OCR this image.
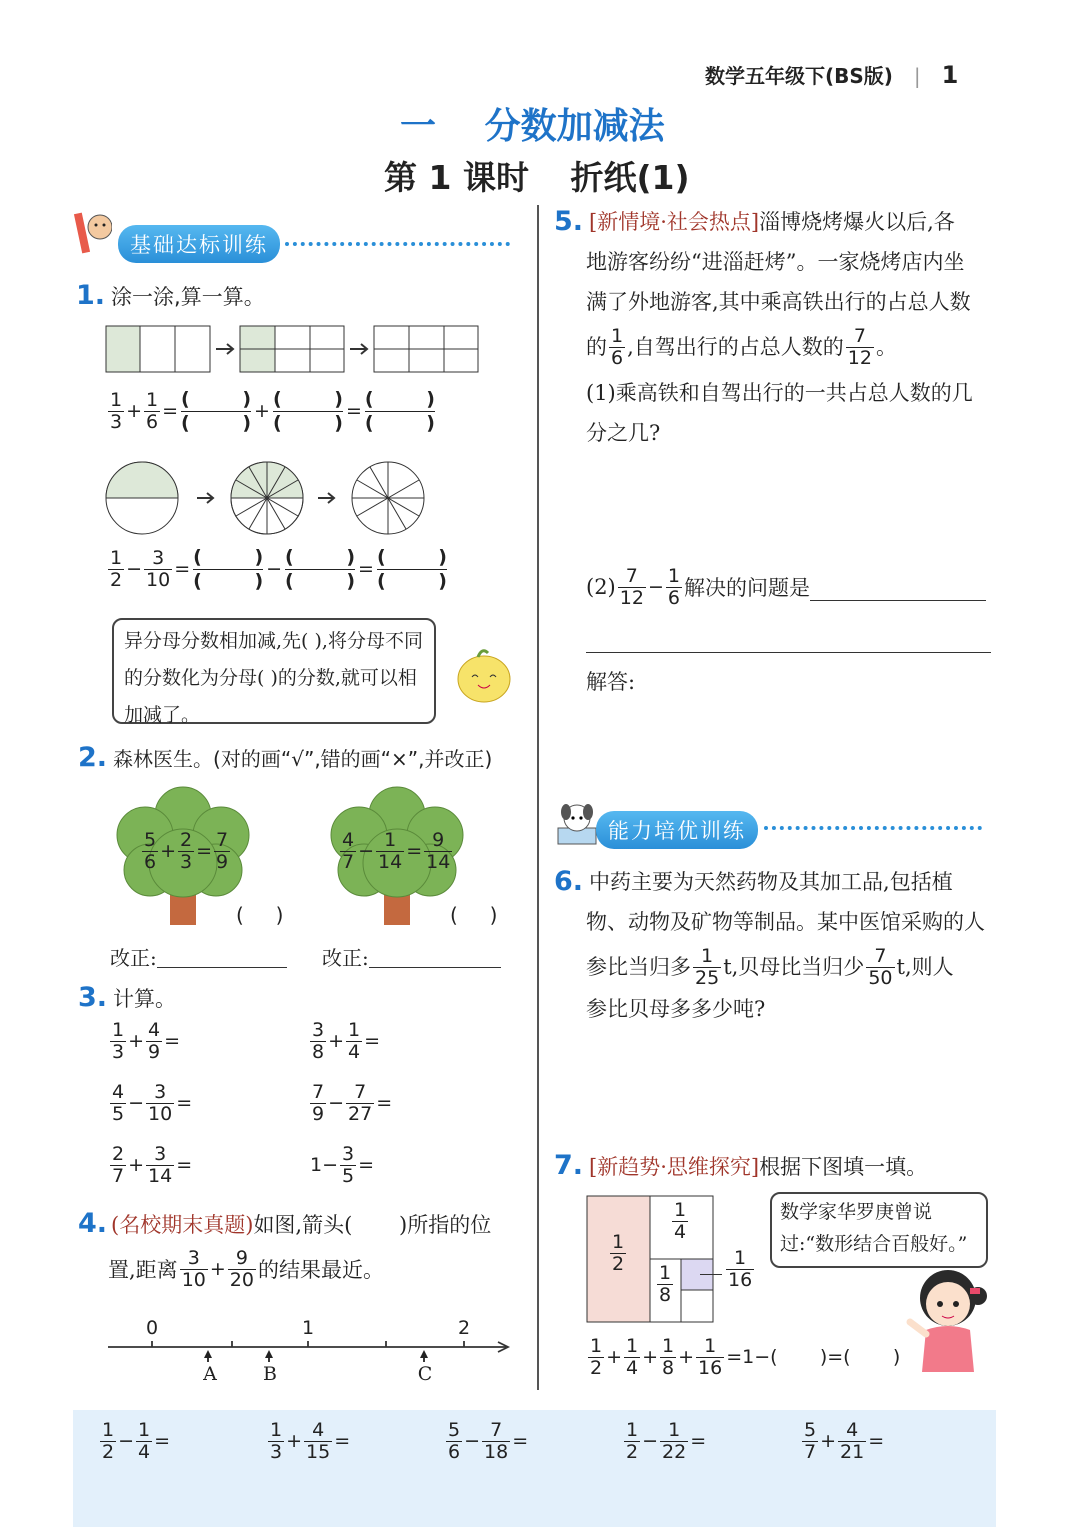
数学五年级下(BS版) | 1
一 分数加减法
第 1 课时 折纸(1)
基础达标训练
1. 涂一涂,算一算。
$\frac{1}{3} + \frac{1}{6}$ =
(	)
(	)
+
(	)
(	)
=
(	)
(	)
$\frac{1}{2} - \frac{3}{10}$ =
(	)
(	)
−
(	)
(	)
=
(	)
(	)
异分母分数相加减,先( ),将分母不同的分数化为分母( )的分数,就可以相加减了。
2. 森林医生。(对的画“√”,错的画“×”,并改正)
$\frac{5}{6} + \frac{2}{3} = \frac{7}{9}$
(     )
$\frac{4}{7} - \frac{1}{14} = \frac{9}{14}$
(     )
改正:	改正:
3. 计算。
$\frac{1}{3} + \frac{4}{9}$ =	$\frac{3}{8} + \frac{1}{4}$ =
$\frac{4}{5} - \frac{3}{10}$ =	$\frac{7}{9} - \frac{7}{27}$ =
$\frac{2}{7} + \frac{3}{14}$ =	$1- \frac{3}{5}$ =
4. (名校期末真题) 如图,箭头(       )所指的位
置,距离 $\frac{3}{10} + \frac{9}{20}$ 的结果最近。
0	1	2
A B	C
5. [新情境·社会热点] 淄博烧烤爆火以后,各
地游客纷纷“进淄赶烤”。一家烧烤店内坐
满了外地游客,其中乘高铁出行的占总人数
的 $\frac{1}{6}$ ,自驾出行的占总人数的 $\frac{7}{12}$ 。
(1)乘高铁和自驾出行的一共占总人数的几
分之几?
$(2) \frac{7}{12} - \frac{1}{6}$ 解决的问题是
解答:
能力培优训练
6. 中药主要为天然药物及其加工品,包括植
物、动物及矿物等制品。某中医馆采购的人
参比当归多 $\frac{1}{25} t$,贝母比当归少 $\frac{7}{50} t$,则人
参比贝母多多少吨?
7. [新趋势·思维探究] 根据下图填一填。
$\frac{1}{2}$
$\frac{1}{4}$
$\frac{1}{8}$	$\frac{1}{16}$
数学家华罗庚曾说过:“数形结合百般好。”
$\frac{1}{2} + \frac{1}{4} + \frac{1}{8} + \frac{1}{16} =1-$(       )=(       )
$\frac{1}{2} - \frac{1}{4}$ =	$\frac{1}{3} + \frac{4}{15}$ =	$\frac{5}{6} - \frac{7}{18}$ =	$\frac{1}{2} - \frac{1}{22}$ =	$\frac{5}{7} + \frac{4}{21}$ =
